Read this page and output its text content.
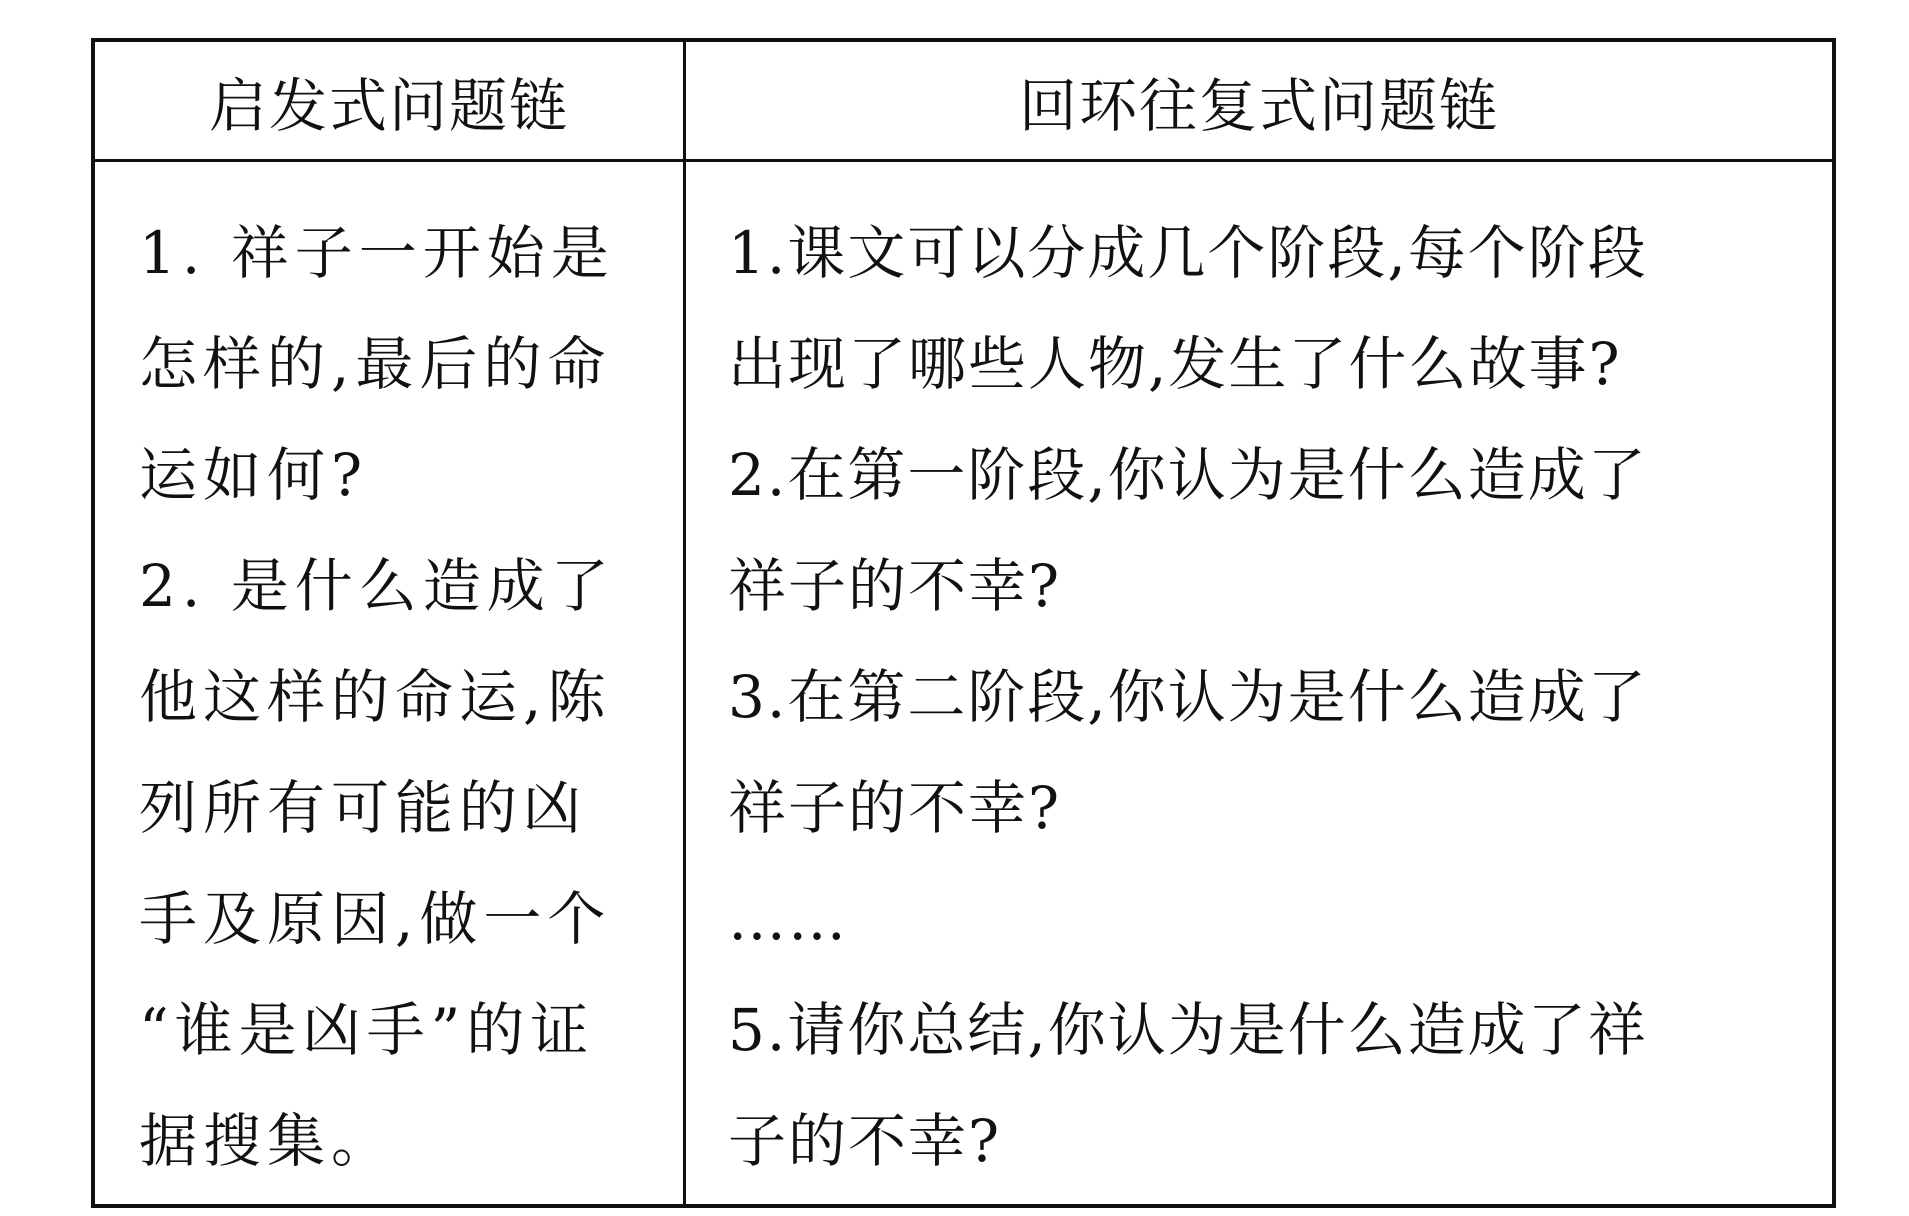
启发式问题链	回环往复式问题链
1. 祥子一开始是
怎样的,最后的命
运如何?
2. 是什么造成了
他这样的命运,陈
列所有可能的凶
手及原因,做一个
“谁是凶手”的证
据搜集。
1.课文可以分成几个阶段,每个阶段
出现了哪些人物,发生了什么故事?
2.在第一阶段,你认为是什么造成了
祥子的不幸?
3.在第二阶段,你认为是什么造成了
祥子的不幸?
……
5.请你总结,你认为是什么造成了祥
子的不幸?
